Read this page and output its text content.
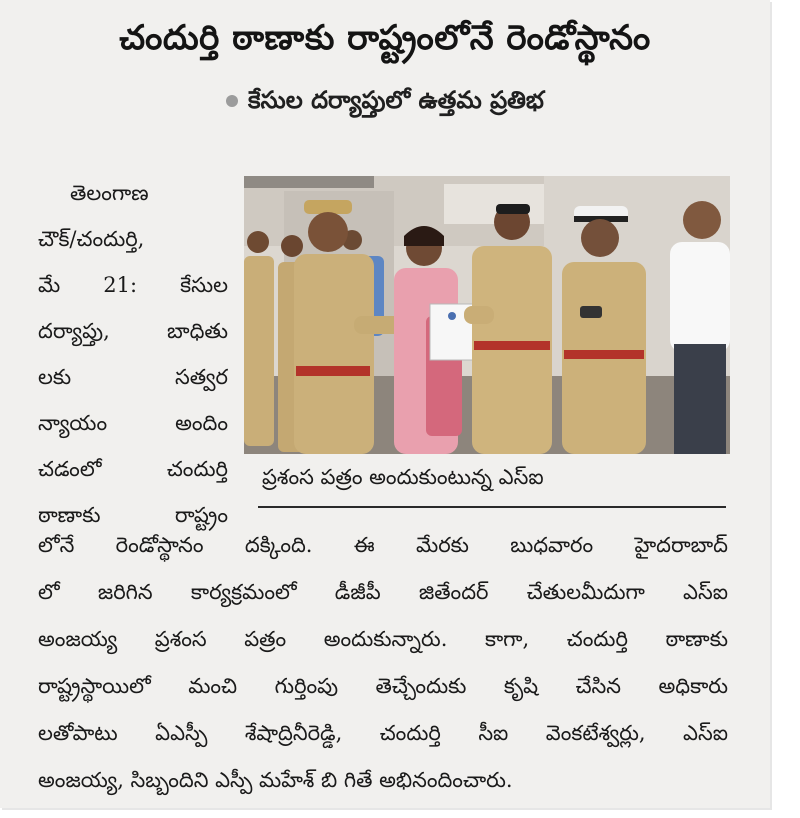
చందుర్తి ఠాణాకు రాష్ట్రంలోనే రెండోస్థానం
కేసుల దర్యాప్తులో ఉత్తమ ప్రతిభ
తెలంగాణ
చౌక్‌/చందుర్తి,
మే 21: కేసుల
దర్యాప్తు, బాధితు
లకు సత్వర
న్యాయం అందిం
చడంలో చందుర్తి
ఠాణాకు రాష్ట్రం
ప్రశంస పత్రం అందుకుంటున్న ఎస్‌ఐ
లోనే రెండోస్థానం దక్కింది. ఈ మేరకు బుధవారం హైదరాబాద్‌
లో జరిగిన కార్యక్రమంలో డీజీపీ జితేందర్‌ చేతులమీదుగా ఎస్‌ఐ
అంజయ్య ప్రశంస పత్రం అందుకున్నారు. కాగా, చందుర్తి ఠాణాకు
రాష్ట్రస్థాయిలో మంచి గుర్తింపు తెచ్చేందుకు కృషి చేసిన అధికారు
లతోపాటు ఏఎస్పీ శేషాద్రినీరెడ్డి, చందుర్తి సీఐ వెంకటేశ్వర్లు, ఎస్‌ఐ
అంజయ్య, సిబ్బందిని ఎస్పీ మహేశ్‌ బి గితే అభినందించారు.
